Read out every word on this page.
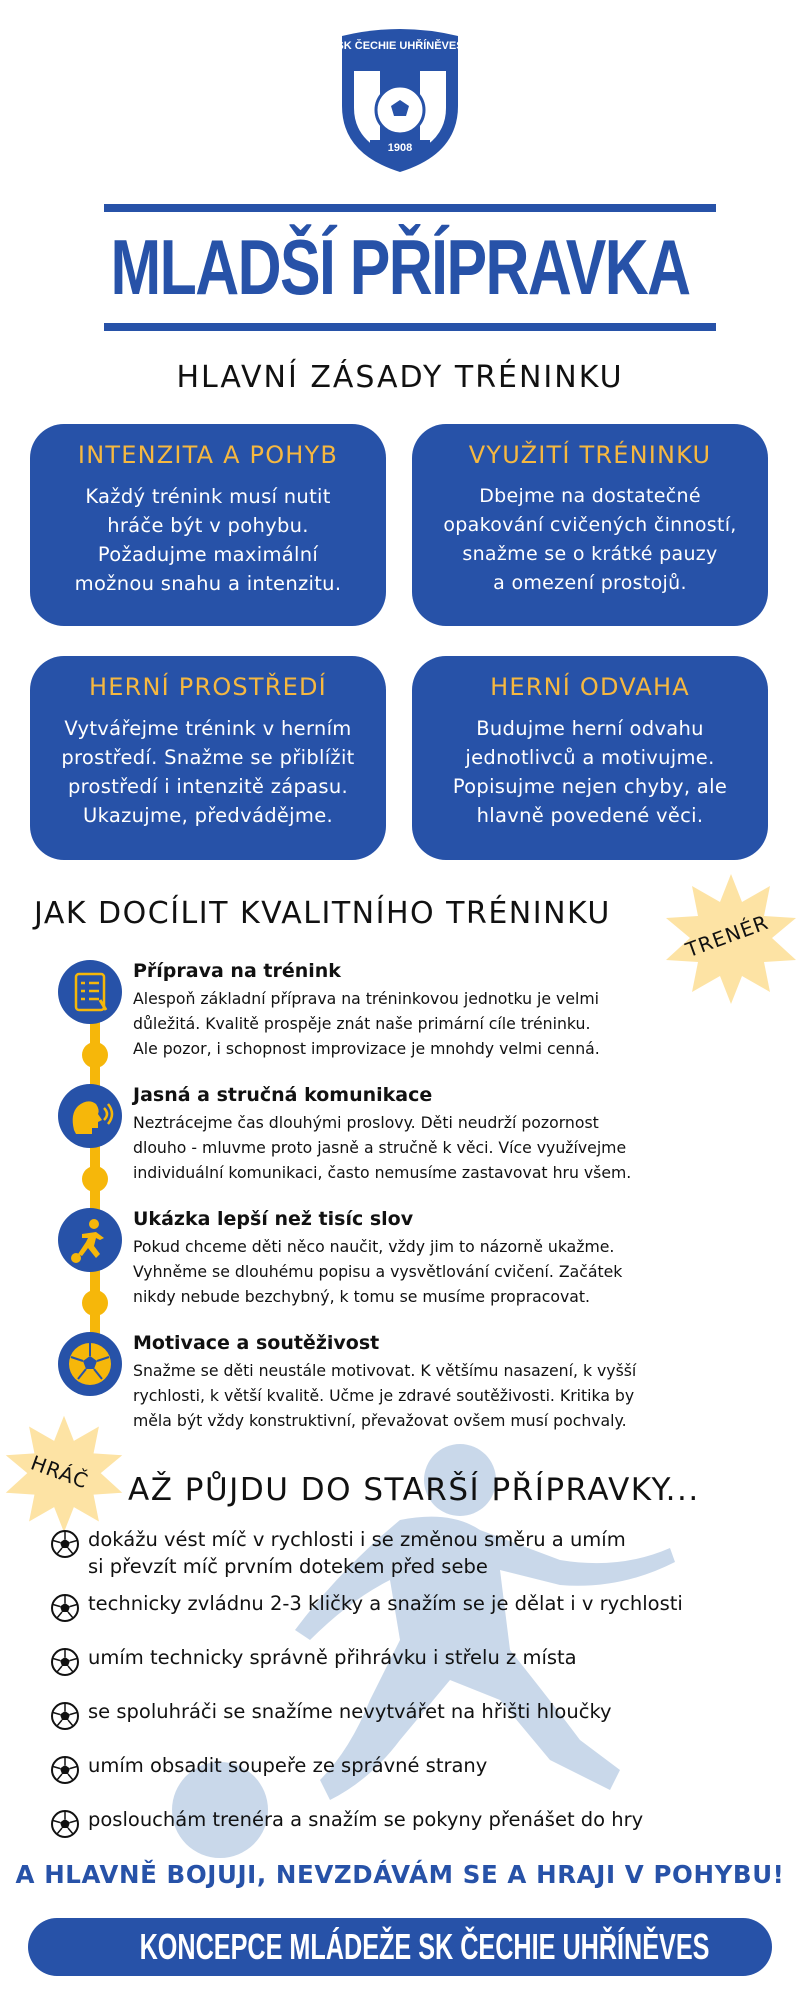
SK ČECHIE UHŘÍNĚVES
1908
MLADŠÍ PŘÍPRAVKA
HLAVNÍ ZÁSADY TRÉNINKU
INTENZITA A POHYB

Každý trénink musí nutit
hráče být v pohybu.
Požadujme maximální
možnou snahu a intenzitu.

VYUŽITÍ TRÉNINKU

Dbejme na dostatečné
opakování cvičených činností,
snažme se o krátké pauzy
a omezení prostojů.

HERNÍ PROSTŘEDÍ

Vytvářejme trénink v herním
prostředí. Snažme se přiblížit
prostředí i intenzitě zápasu.
Ukazujme, předvádějme.

HERNÍ ODVAHA

Budujme herní odvahu
jednotlivců a motivujme.
Popisujme nejen chyby, ale
hlavně povedené věci.

JAK DOCÍLIT KVALITNÍHO TRÉNINKU	TRENÉR
Příprava na trénink
Alespoň základní příprava na tréninkovou jednotku je velmi
důležitá. Kvalitě prospěje znát naše primární cíle tréninku.
Ale pozor, i schopnost improvizace je mnohdy velmi cenná.
Jasná a stručná komunikace
Neztrácejme čas dlouhými proslovy. Děti neudrží pozornost
dlouho - mluvme proto jasně a stručně k věci. Více využívejme
individuální komunikaci, často nemusíme zastavovat hru všem.
Ukázka lepší než tisíc slov
Pokud chceme děti něco naučit, vždy jim to názorně ukažme.
Vyhněme se dlouhému popisu a vysvětlování cvičení. Začátek
nikdy nebude bezchybný, k tomu se musíme propracovat.
Motivace a soutěživost
Snažme se děti neustále motivovat. K většímu nasazení, k vyšší
rychlosti, k větší kvalitě. Učme je zdravé soutěživosti. Kritika by
měla být vždy konstruktivní, převažovat ovšem musí pochvaly.
HRÁČ AŽ PŮJDU DO STARŠÍ PŘÍPRAVKY...
dokážu vést míč v rychlosti i se změnou směru a umím
si převzít míč prvním dotekem před sebe
technicky zvládnu 2-3 kličky a snažím se je dělat i v rychlosti
umím technicky správně přihrávku i střelu z místa
se spoluhráči se snažíme nevytvářet na hřišti hloučky
umím obsadit soupeře ze správné strany
poslouchám trenéra a snažím se pokyny přenášet do hry
A HLAVNĚ BOJUJI, NEVZDÁVÁM SE A HRAJI V POHYBU!
KONCEPCE MLÁDEŽE SK ČECHIE UHŘÍNĚVES
